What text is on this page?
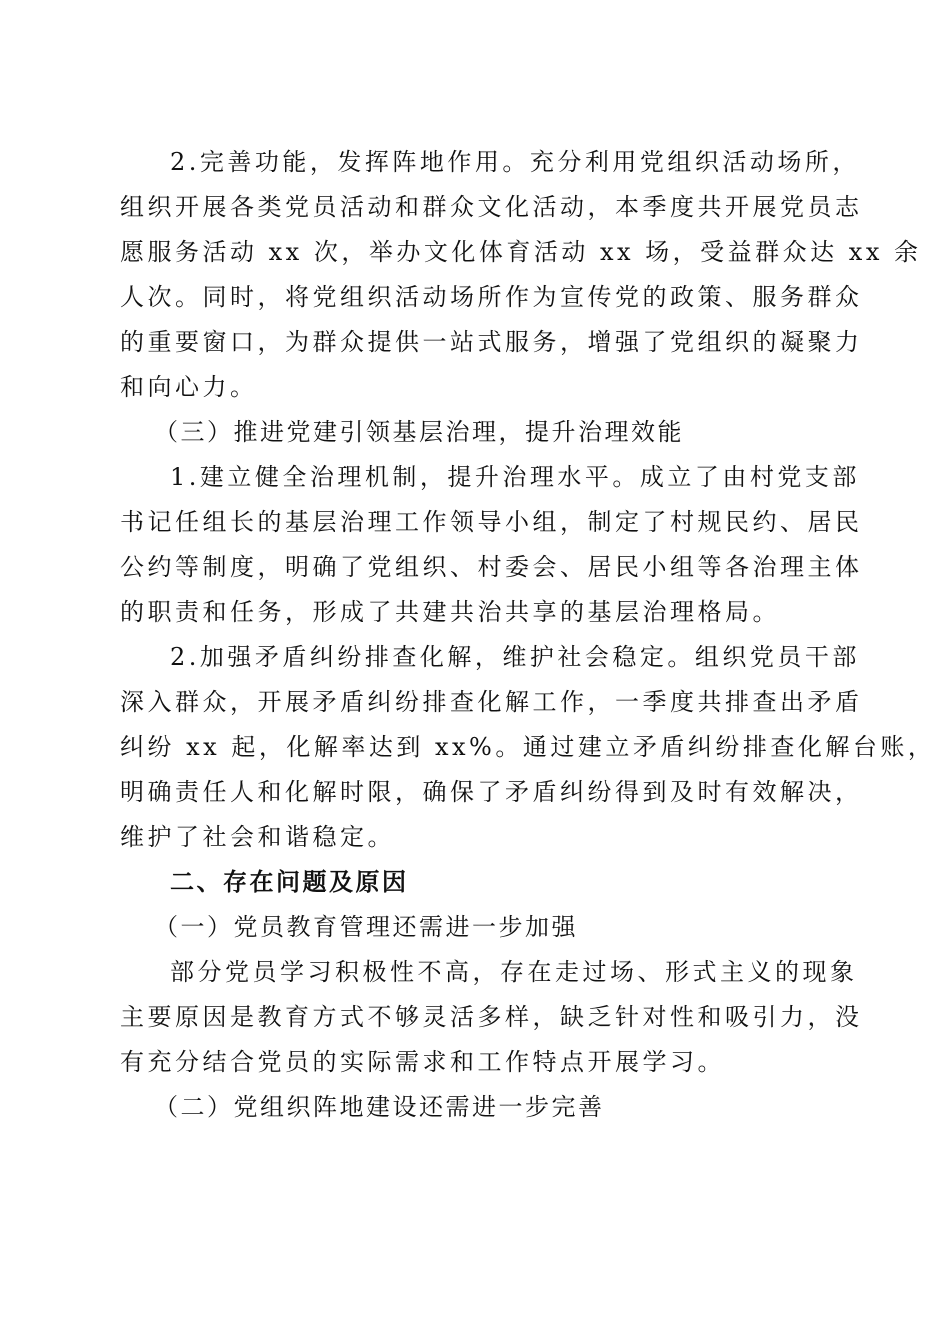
2.完善功能，发挥阵地作用。充分利用党组织活动场所，
组织开展各类党员活动和群众文化活动，本季度共开展党员志
愿服务活动 xx 次，举办文化体育活动 xx 场，受益群众达 xx 余
人次。同时，将党组织活动场所作为宣传党的政策、服务群众
的重要窗口，为群众提供一站式服务，增强了党组织的凝聚力
和向心力。
（三）推进党建引领基层治理，提升治理效能
1.建立健全治理机制，提升治理水平。成立了由村党支部
书记任组长的基层治理工作领导小组，制定了村规民约、居民
公约等制度，明确了党组织、村委会、居民小组等各治理主体
的职责和任务，形成了共建共治共享的基层治理格局。
2.加强矛盾纠纷排查化解，维护社会稳定。组织党员干部
深入群众，开展矛盾纠纷排查化解工作，一季度共排查出矛盾
纠纷 xx 起，化解率达到 xx%。通过建立矛盾纠纷排查化解台账，
明确责任人和化解时限，确保了矛盾纠纷得到及时有效解决，
维护了社会和谐稳定。
二、存在问题及原因
（一）党员教育管理还需进一步加强
部分党员学习积极性不高，存在走过场、形式主义的现象
主要原因是教育方式不够灵活多样，缺乏针对性和吸引力，没
有充分结合党员的实际需求和工作特点开展学习。
（二）党组织阵地建设还需进一步完善
